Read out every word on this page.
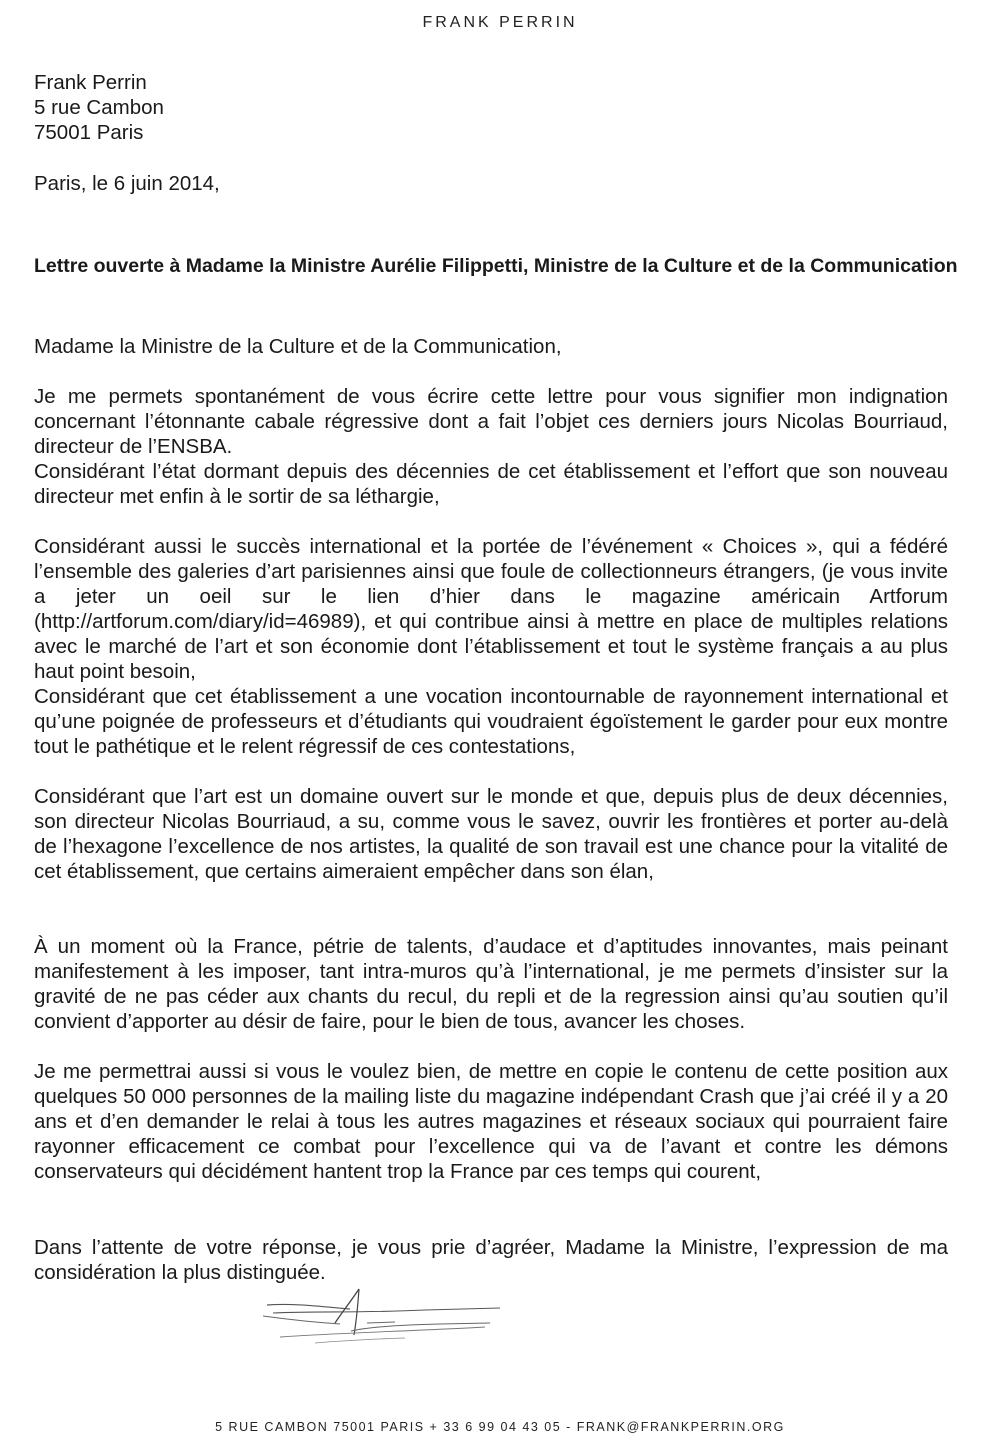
FRANK PERRIN
Frank Perrin
5 rue Cambon
75001 Paris

Paris, le 6 juin 2014,

Lettre ouverte à Madame la Ministre Aurélie Filippetti, Ministre de la Culture et de la Communication

Madame la Ministre de la Culture et de la Communication,

Je me permets spontanément de vous écrire cette lettre pour vous signifier mon indignation concernant l’étonnante cabale régressive dont a fait l’objet ces derniers jours Nicolas Bourriaud, directeur de l’ENSBA.

Considérant l’état dormant depuis des décennies de cet établissement et l’effort que son nouveau directeur met enfin à le sortir de sa léthargie,

Considérant aussi le succès international et la portée de l’événement « Choices », qui a fédéré l’ensemble des galeries d’art parisiennes ainsi que foule de collectionneurs étrangers, (je vous invite a jeter un oeil sur le lien d’hier dans le magazine américain Artforum (http://artforum.com/diary/id=46989), et qui contribue ainsi à mettre en place de multiples relations avec le marché de l’art et son économie dont l’établissement et tout le système français a au plus haut point besoin,

Considérant que cet établissement a une vocation incontournable de rayonnement international et qu’une poignée de professeurs et d’étudiants qui voudraient égoïstement le garder pour eux montre tout le pathétique et le relent régressif de ces contestations,

Considérant que l’art est un domaine ouvert sur le monde et que, depuis plus de deux décennies, son directeur Nicolas Bourriaud, a su, comme vous le savez, ouvrir les frontières et porter au-delà de l’hexagone l’excellence de nos artistes, la qualité de son travail est une chance pour la vitalité de cet établissement, que certains aimeraient empêcher dans son élan,

À un moment où la France, pétrie de talents, d’audace et d’aptitudes innovantes, mais peinant manifestement à les imposer, tant intra-muros qu’à l’international, je me permets d’insister sur la gravité de ne pas céder aux chants du recul, du repli et de la regression ainsi qu’au soutien qu’il convient d’apporter au désir de faire, pour le bien de tous, avancer les choses.

Je me permettrai aussi si vous le voulez bien, de mettre en copie le contenu de cette position aux quelques 50 000 personnes de la mailing liste du magazine indépendant Crash que j’ai créé il y a 20 ans et d’en demander le relai à tous les autres magazines et réseaux sociaux qui pourraient faire rayonner efficacement ce combat pour l’excellence qui va de l’avant et contre les démons conservateurs qui décidément hantent trop la France par ces temps qui courent,

Dans l’attente de votre réponse, je vous prie d’agréer, Madame la Ministre, l’expression de ma considération la plus distinguée.

5 RUE CAMBON 75001 PARIS + 33 6 99 04 43 05 - FRANK@FRANKPERRIN.ORG
